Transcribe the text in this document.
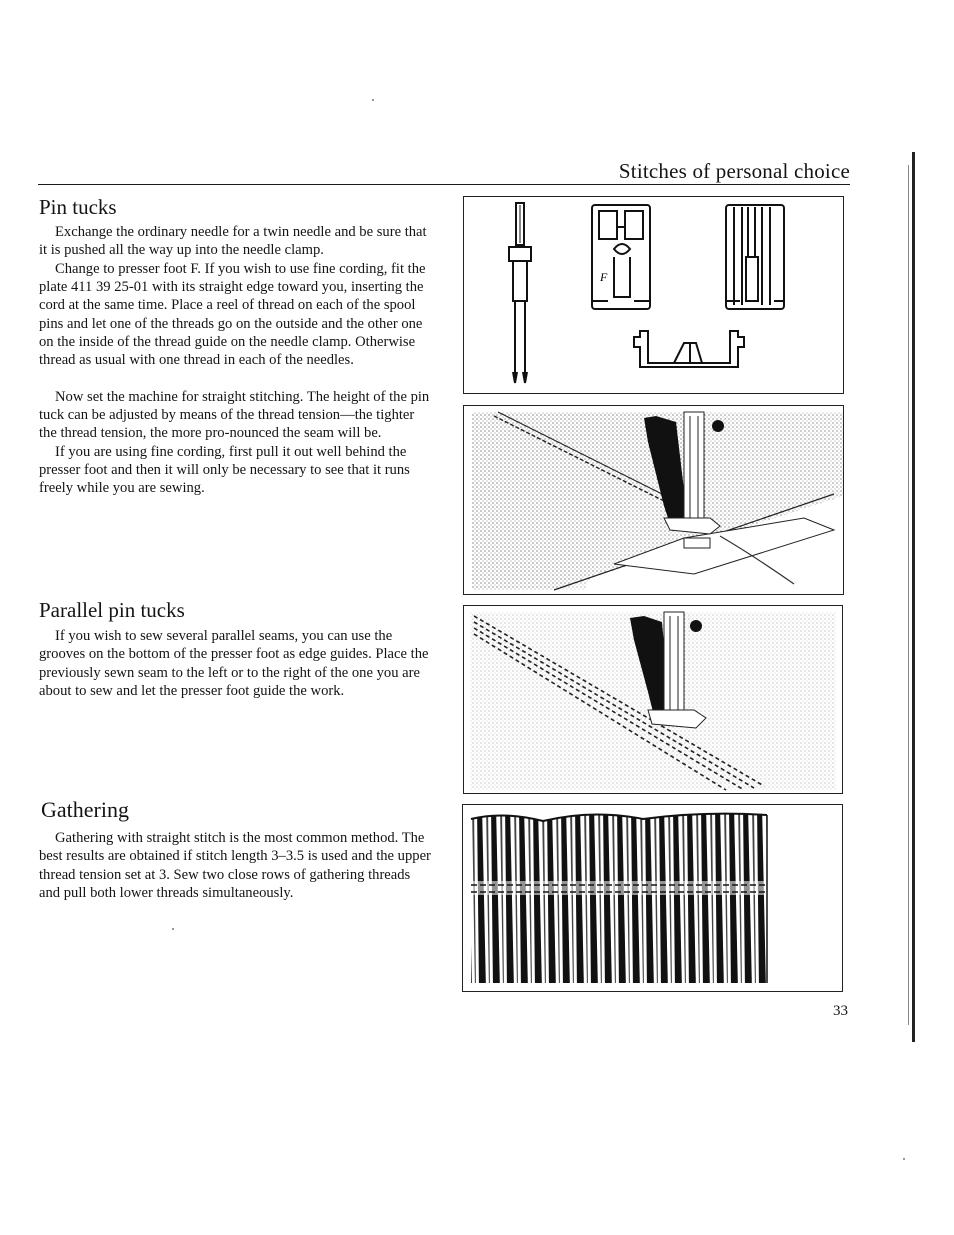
Stitches of personal choice
Pin tucks

Exchange the ordinary needle for a twin needle and be sure that it is pushed all the way up into the needle clamp.

Change to presser foot F. If you wish to use fine cording, fit the plate 411 39 25-01 with its straight edge toward you, inserting the cord at the same time. Place a reel of thread on each of the spool pins and let one of the threads go on the outside and the other one on the inside of the thread guide on the needle clamp. Otherwise thread as usual with one thread in each of the needles.

Now set the machine for straight stitching. The height of the pin tuck can be adjusted by means of the thread tension—the tighter the thread tension, the more pro-nounced the seam will be.

If you are using fine cording, first pull it out well behind the presser foot and then it will only be necessary to see that it runs freely while you are sewing.

Parallel pin tucks

If you wish to sew several parallel seams, you can use the grooves on the bottom of the presser foot as edge guides. Place the previously sewn seam to the left or to the right of the one you are about to sew and let the presser foot guide the work.

Gathering

Gathering with straight stitch is the most common method. The best results are obtained if stitch length 3–3.5 is used and the upper thread tension set at 3. Sew two close rows of gathering threads and pull both lower threads simultaneously.

F
33
